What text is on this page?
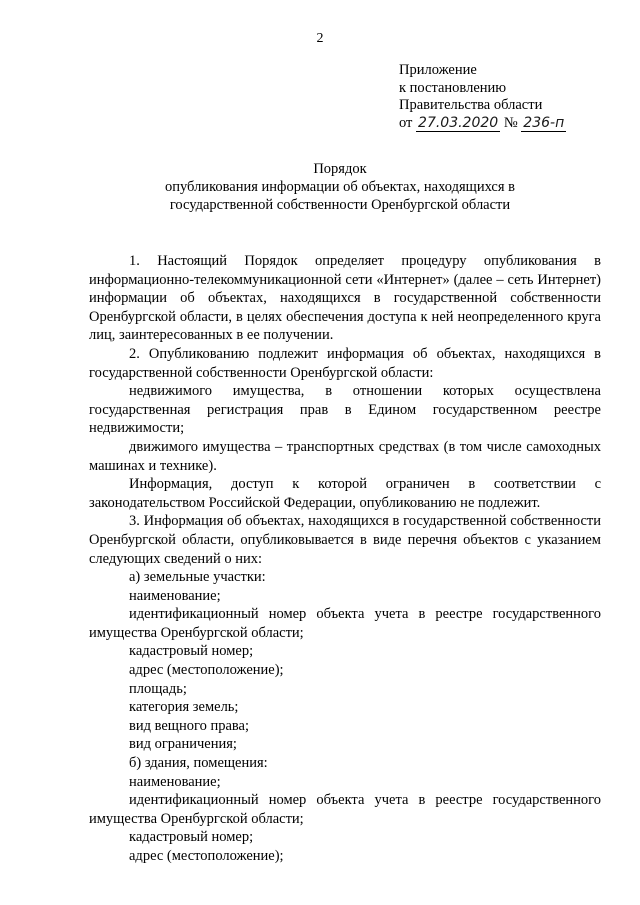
2
Приложение
к постановлению
Правительства области
от 27.03.2020 № 236-п
Порядок
опубликования информации об объектах, находящихся в
государственной собственности Оренбургской области

1. Настоящий Порядок определяет процедуру опубликования в информационно-телекоммуникационной сети «Интернет» (далее – сеть Интернет) информации об объектах, находящихся в государственной собственности Оренбургской области, в целях обеспечения доступа к ней неопределенного круга лиц, заинтересованных в ее получении.

2. Опубликованию подлежит информация об объектах, находящихся в государственной собственности Оренбургской области:

недвижимого имущества, в отношении которых осуществлена государственная регистрация прав в Едином государственном реестре недвижимости;

движимого имущества – транспортных средствах (в том числе самоходных машинах и технике).

Информация, доступ к которой ограничен в соответствии с законодательством Российской Федерации, опубликованию не подлежит.

3. Информация об объектах, находящихся в государственной собственности Оренбургской области, опубликовывается в виде перечня объектов с указанием следующих сведений о них:

а) земельные участки:

наименование;

идентификационный номер объекта учета в реестре государственного имущества Оренбургской области;

кадастровый номер;

адрес (местоположение);

площадь;

категория земель;

вид вещного права;

вид ограничения;

б) здания, помещения:

наименование;

идентификационный номер объекта учета в реестре государственного имущества Оренбургской области;

кадастровый номер;

адрес (местоположение);
